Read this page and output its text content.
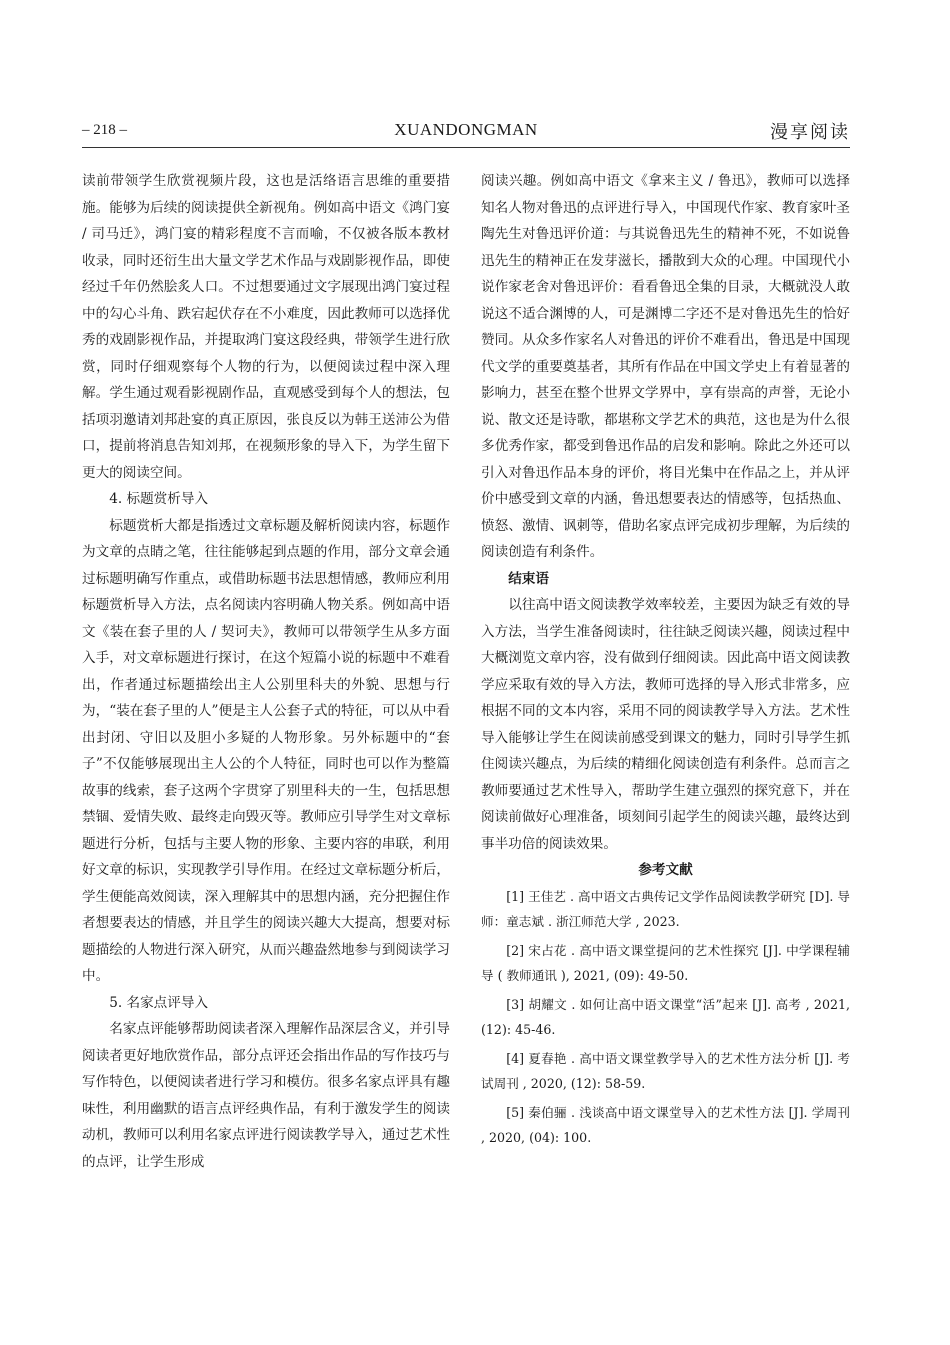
– 218 –	XUANDONGMAN	漫享阅读

读前带领学生欣赏视频片段，这也是活络语言思维的重要措施。能够为后续的阅读提供全新视角。例如高中语文《鸿门宴 / 司马迁》，鸿门宴的精彩程度不言而喻，不仅被各版本教材收录，同时还衍生出大量文学艺术作品与戏剧影视作品，即使经过千年仍然脍炙人口。不过想要通过文字展现出鸿门宴过程中的勾心斗角、跌宕起伏存在不小难度，因此教师可以选择优秀的戏剧影视作品，并提取鸿门宴这段经典，带领学生进行欣赏，同时仔细观察每个人物的行为，以便阅读过程中深入理解。学生通过观看影视剧作品，直观感受到每个人的想法，包括项羽邀请刘邦赴宴的真正原因，张良反以为韩王送沛公为借口，提前将消息告知刘邦，在视频形象的导入下，为学生留下更大的阅读空间。

4. 标题赏析导入

标题赏析大都是指透过文章标题及解析阅读内容，标题作为文章的点睛之笔，往往能够起到点题的作用，部分文章会通过标题明确写作重点，或借助标题书法思想情感，教师应利用标题赏析导入方法，点名阅读内容明确人物关系。例如高中语文《装在套子里的人 / 契诃夫》，教师可以带领学生从多方面入手，对文章标题进行探讨，在这个短篇小说的标题中不难看出，作者通过标题描绘出主人公别里科夫的外貌、思想与行为，“装在套子里的人”便是主人公套子式的特征，可以从中看出封闭、守旧以及胆小多疑的人物形象。另外标题中的“套子”不仅能够展现出主人公的个人特征，同时也可以作为整篇故事的线索，套子这两个字贯穿了别里科夫的一生，包括思想禁锢、爱情失败、最终走向毁灭等。教师应引导学生对文章标题进行分析，包括与主要人物的形象、主要内容的串联，利用好文章的标识，实现教学引导作用。在经过文章标题分析后，学生便能高效阅读，深入理解其中的思想内涵，充分把握住作者想要表达的情感，并且学生的阅读兴趣大大提高，想要对标题描绘的人物进行深入研究，从而兴趣盎然地参与到阅读学习中。

5. 名家点评导入

名家点评能够帮助阅读者深入理解作品深层含义，并引导阅读者更好地欣赏作品，部分点评还会指出作品的写作技巧与写作特色，以便阅读者进行学习和模仿。很多名家点评具有趣味性，利用幽默的语言点评经典作品，有利于激发学生的阅读动机，教师可以利用名家点评进行阅读教学导入，通过艺术性的点评，让学生形成

阅读兴趣。例如高中语文《拿来主义 / 鲁迅》，教师可以选择知名人物对鲁迅的点评进行导入，中国现代作家、教育家叶圣陶先生对鲁迅评价道：与其说鲁迅先生的精神不死，不如说鲁迅先生的精神正在发芽滋长，播散到大众的心理。中国现代小说作家老舍对鲁迅评价：看看鲁迅全集的目录，大概就没人敢说这不适合渊博的人，可是渊博二字还不是对鲁迅先生的恰好赞同。从众多作家名人对鲁迅的评价不难看出，鲁迅是中国现代文学的重要奠基者，其所有作品在中国文学史上有着显著的影响力，甚至在整个世界文学界中，享有崇高的声誉，无论小说、散文还是诗歌，都堪称文学艺术的典范，这也是为什么很多优秀作家，都受到鲁迅作品的启发和影响。除此之外还可以引入对鲁迅作品本身的评价，将目光集中在作品之上，并从评价中感受到文章的内涵，鲁迅想要表达的情感等，包括热血、愤怒、激情、讽刺等，借助名家点评完成初步理解，为后续的阅读创造有利条件。

结束语

以往高中语文阅读教学效率较差，主要因为缺乏有效的导入方法，当学生准备阅读时，往往缺乏阅读兴趣，阅读过程中大概浏览文章内容，没有做到仔细阅读。因此高中语文阅读教学应采取有效的导入方法，教师可选择的导入形式非常多，应根据不同的文本内容，采用不同的阅读教学导入方法。艺术性导入能够让学生在阅读前感受到课文的魅力，同时引导学生抓住阅读兴趣点，为后续的精细化阅读创造有利条件。总而言之教师要通过艺术性导入，帮助学生建立强烈的探究意下，并在阅读前做好心理准备，顷刻间引起学生的阅读兴趣，最终达到事半功倍的阅读效果。

参考文献

[1] 王佳艺 . 高中语文古典传记文学作品阅读教学研究 [D]. 导师：童志斌 . 浙江师范大学 , 2023.

[2] 宋占花 . 高中语文课堂提问的艺术性探究 [J]. 中学课程辅导 ( 教师通讯 ), 2021, (09): 49-50.

[3] 胡耀文 . 如何让高中语文课堂“活”起来 [J]. 高考 , 2021, (12): 45-46.

[4] 夏春艳 . 高中语文课堂教学导入的艺术性方法分析 [J]. 考试周刊 , 2020, (12): 58-59.

[5] 秦伯骊 . 浅谈高中语文课堂导入的艺术性方法 [J]. 学周刊 , 2020, (04): 100.
